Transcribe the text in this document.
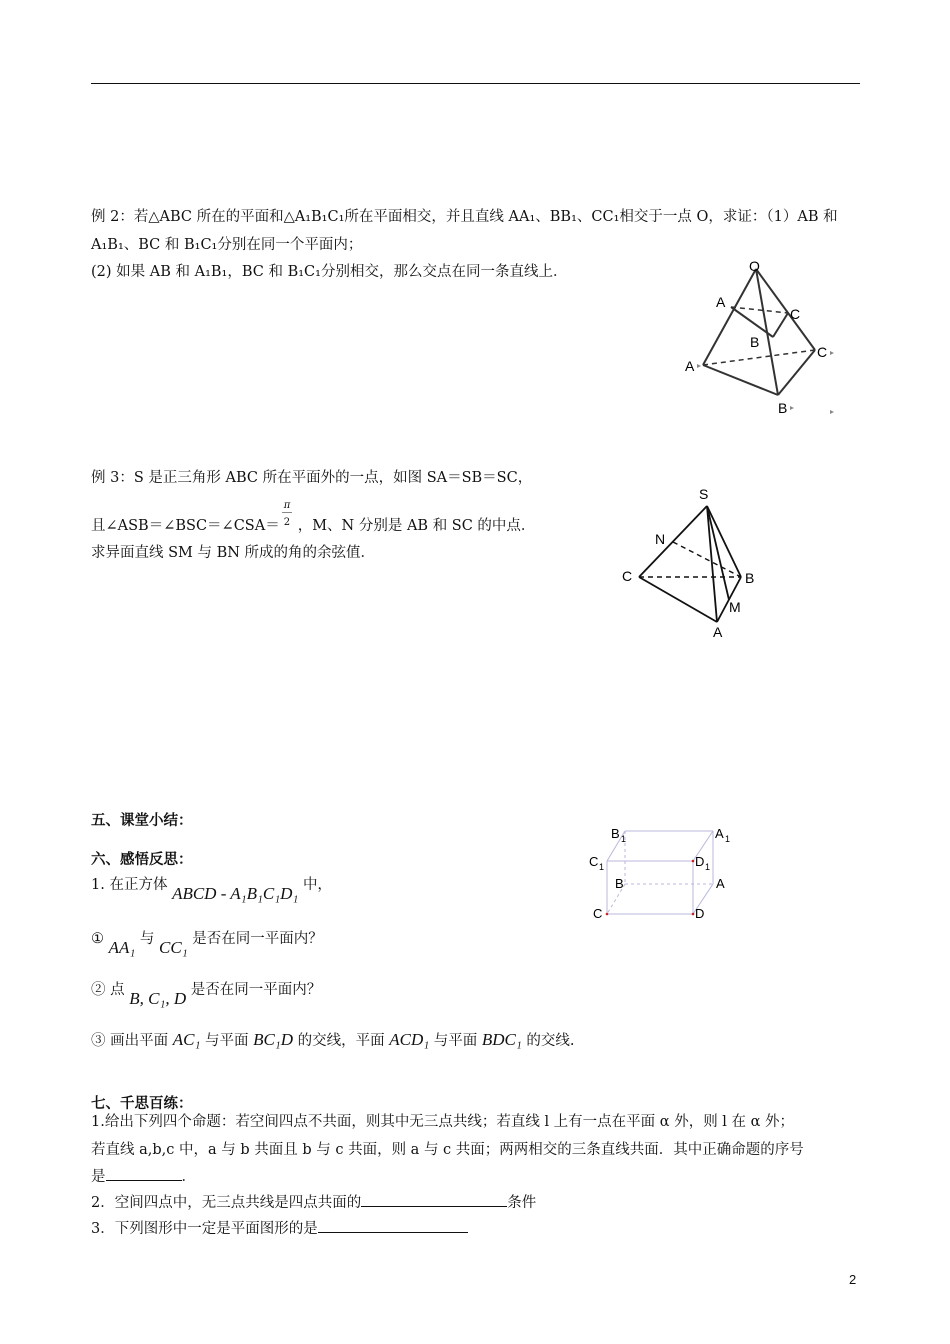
例 2：若△ABC 所在的平面和△A₁B₁C₁所在平面相交，并且直线 AA₁、BB₁、CC₁相交于一点 O，求证：（1）AB 和
A₁B₁、BC 和 B₁C₁分别在同一个平面内；
(2) 如果 AB 和 A₁B₁，BC 和 B₁C₁分别相交，那么交点在同一条直线上．	O
A
C
B
A
C
B
例 3：S 是正三角形 ABC 所在平面外的一点，如图 SA＝SB＝SC，
且∠ASB＝∠BSC＝∠CSA＝ $\frac{\pi}{2}$ ，M、N 分别是 AB 和 SC 的中点．
求异面直线 SM 与 BN 所成的角的余弦值．
S
N
C	B
M
A
五、课堂小结：
六、感悟反思：
1. 在正方体 ABCD - A₁B₁C₁D₁ 中，
① AA₁ 与 CC₁ 是否在同一平面内？
② 点 B, C₁, D 是否在同一平面内？
③ 画出平面 AC₁ 与平面 BC₁D 的交线，平面 ACD₁ 与平面 BDC₁ 的交线.
B 1	A 1
C 1	D 1
B	A
C	D
七、千思百练：
1.给出下列四个命题：若空间四点不共面，则其中无三点共线；若直线 l 上有一点在平面 α 外，则 l 在 α 外；
若直线 a,b,c 中，a 与 b 共面且 b 与 c 共面，则 a 与 c 共面；两两相交的三条直线共面．其中正确命题的序号
是	．
2．空间四点中，无三点共线是四点共面的	条件
3．下列图形中一定是平面图形的是
2
